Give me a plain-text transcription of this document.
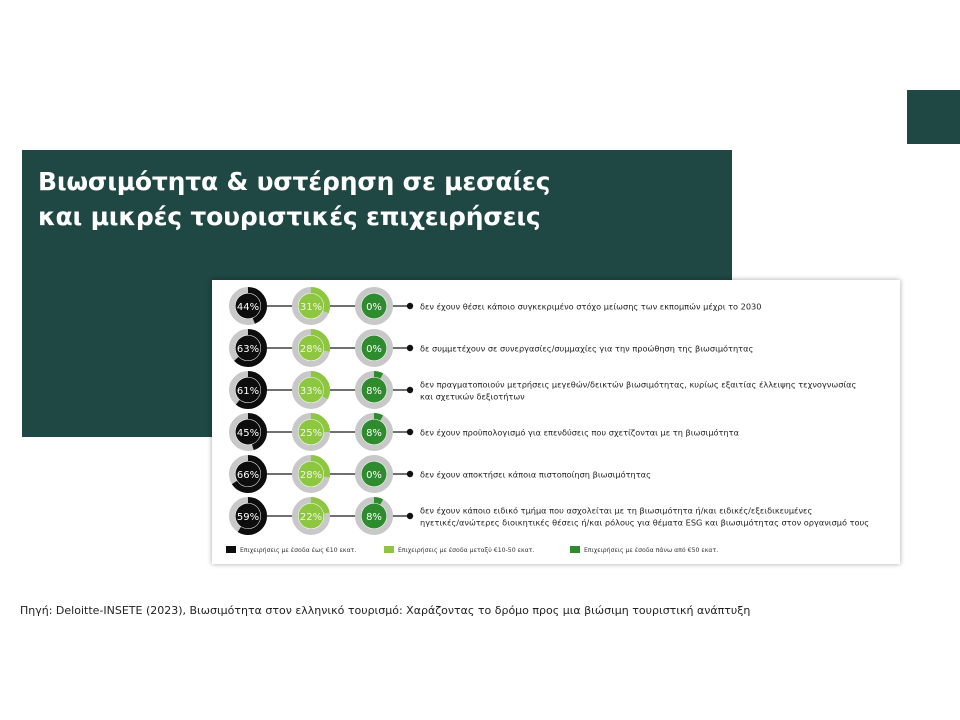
Βιωσιμότητα & υστέρηση σε μεσαίες
και μικρές τουριστικές επιχειρήσεις
44%	31%	0%	δεν έχουν θέσει κάποιο συγκεκριμένο στόχο μείωσης των εκπομπών μέχρι το 2030
63%	28%	0%	δε συμμετέχουν σε συνεργασίες/συμμαχίες για την προώθηση της βιωσιμότητας
61%	33%	8%
δεν πραγματοποιούν μετρήσεις μεγεθών/δεικτών βιωσιμότητας, κυρίως εξαιτίας έλλειψης τεχνογνωσίας
και σχετικών δεξιοτήτων
45%	25%	8%	δεν έχουν προϋπολογισμό για επενδύσεις που σχετίζονται με τη βιωσιμότητα
66%	28%	0%	δεν έχουν αποκτήσει κάποια πιστοποίηση βιωσιμότητας
59%	22%	8%
δεν έχουν κάποιο ειδικό τμήμα που ασχολείται με τη βιωσιμότητα ή/και ειδικές/εξειδικευμένες
ηγετικές/ανώτερες διοικητικές θέσεις ή/και ρόλους για θέματα ESG και βιωσιμότητας στον οργανισμό τους
Επιχειρήσεις με έσοδα έως €10 εκατ.	Επιχειρήσεις με έσοδα μεταξύ €10-50 εκατ.	Επιχειρήσεις με έσοδα πάνω από €50 εκατ.

Πηγή: Deloitte-INSETE (2023), Βιωσιμότητα στον ελληνικό τουρισμό: Χαράζοντας το δρόμο προς μια βιώσιμη τουριστική ανάπτυξη
